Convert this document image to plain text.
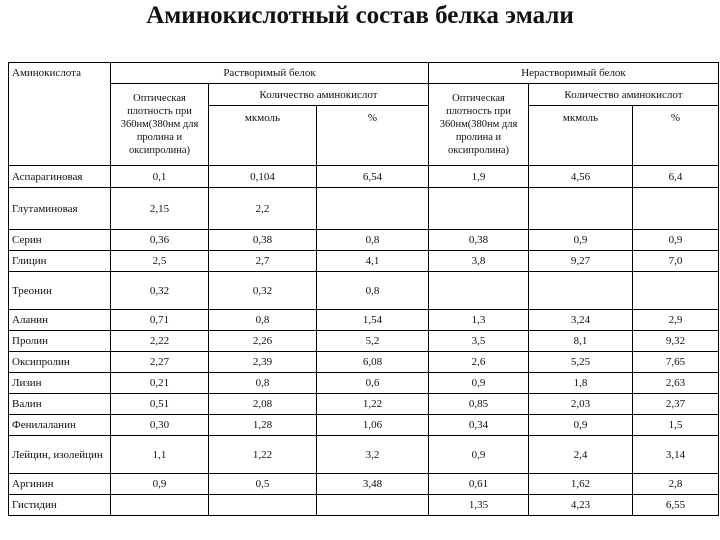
Аминокислотный состав белка эмали
Аминокислота	Растворимый белок			Нерастворимый белок		
	Оптическая плотность при 360нм(380нм для пролина и оксипролина)	Количество аминокислот		Оптическая плотность при 360нм(380нм для пролина и оксипролина)	Количество аминокислот	
		мкмоль	%		мкмоль	%
Аспарагиновая	0,1	0,104	6,54	1,9	4,56	6,4
Глутаминовая	2,15	2,2				
Серин	0,36	0,38	0,8	0,38	0,9	0,9
Глицин	2,5	2,7	4,1	3,8	9,27	7,0
Треонин	0,32	0,32	0,8			
Аланин	0,71	0,8	1,54	1,3	3,24	2,9
Пролин	2,22	2,26	5,2	3,5	8,1	9,32
Оксипролин	2,27	2,39	6,08	2,6	5,25	7,65
Лизин	0,21	0,8	0,6	0,9	1,8	2,63
Валин	0,51	2,08	1,22	0,85	2,03	2,37
Фенилаланин	0,30	1,28	1,06	0,34	0,9	1,5
Лейцин, изолейцин	1,1	1,22	3,2	0,9	2,4	3,14
Аргинин	0,9	0,5	3,48	0,61	1,62	2,8
Гистидин				1,35	4,23	6,55
